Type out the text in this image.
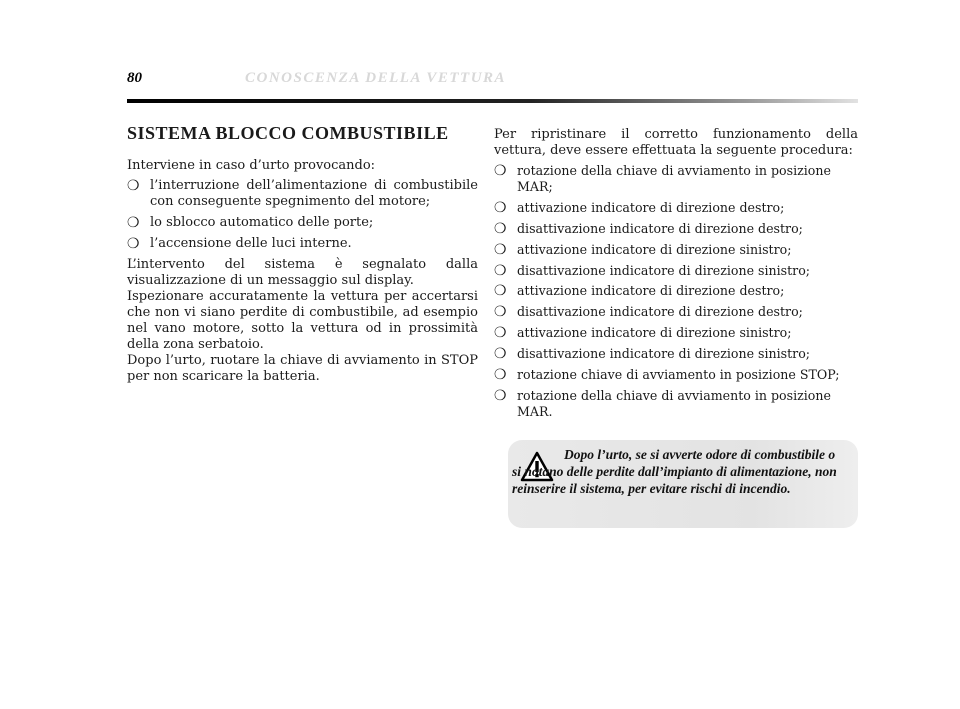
80	CONOSCENZA DELLA VETTURA
SISTEMA BLOCCO COMBUSTIBILE

Interviene in caso d’urto provocando:

❍ l’interruzione dell’alimentazione di combustibile con conseguente spegnimento del motore;
❍ lo sblocco automatico delle porte;
❍ l’accensione delle luci interne.

L’intervento del sistema è segnalato dalla visualizzazione di un messaggio sul display.

Ispezionare accuratamente la vettura per accertarsi che non vi siano perdite di combustibile, ad esempio nel vano motore, sotto la vettura od in prossimità della zona serbatoio.

Dopo l’urto, ruotare la chiave di avviamento in STOP per non scaricare la batteria.

Per ripristinare il corretto funzionamento della vettura, deve essere effettuata la seguente procedura:

❍ rotazione della chiave di avviamento in posizione MAR;
❍ attivazione indicatore di direzione destro;
❍ disattivazione indicatore di direzione destro;
❍ attivazione indicatore di direzione sinistro;
❍ disattivazione indicatore di direzione sinistro;
❍ attivazione indicatore di direzione destro;
❍ disattivazione indicatore di direzione destro;
❍ attivazione indicatore di direzione sinistro;
❍ disattivazione indicatore di direzione sinistro;
❍ rotazione chiave di avviamento in posizione STOP;
❍ rotazione della chiave di avviamento in posizione MAR.
Dopo l’urto, se si avverte odore di combustibile o si notano delle perdite dall’impianto di alimentazione, non reinserire il sistema, per evitare rischi di incendio.
